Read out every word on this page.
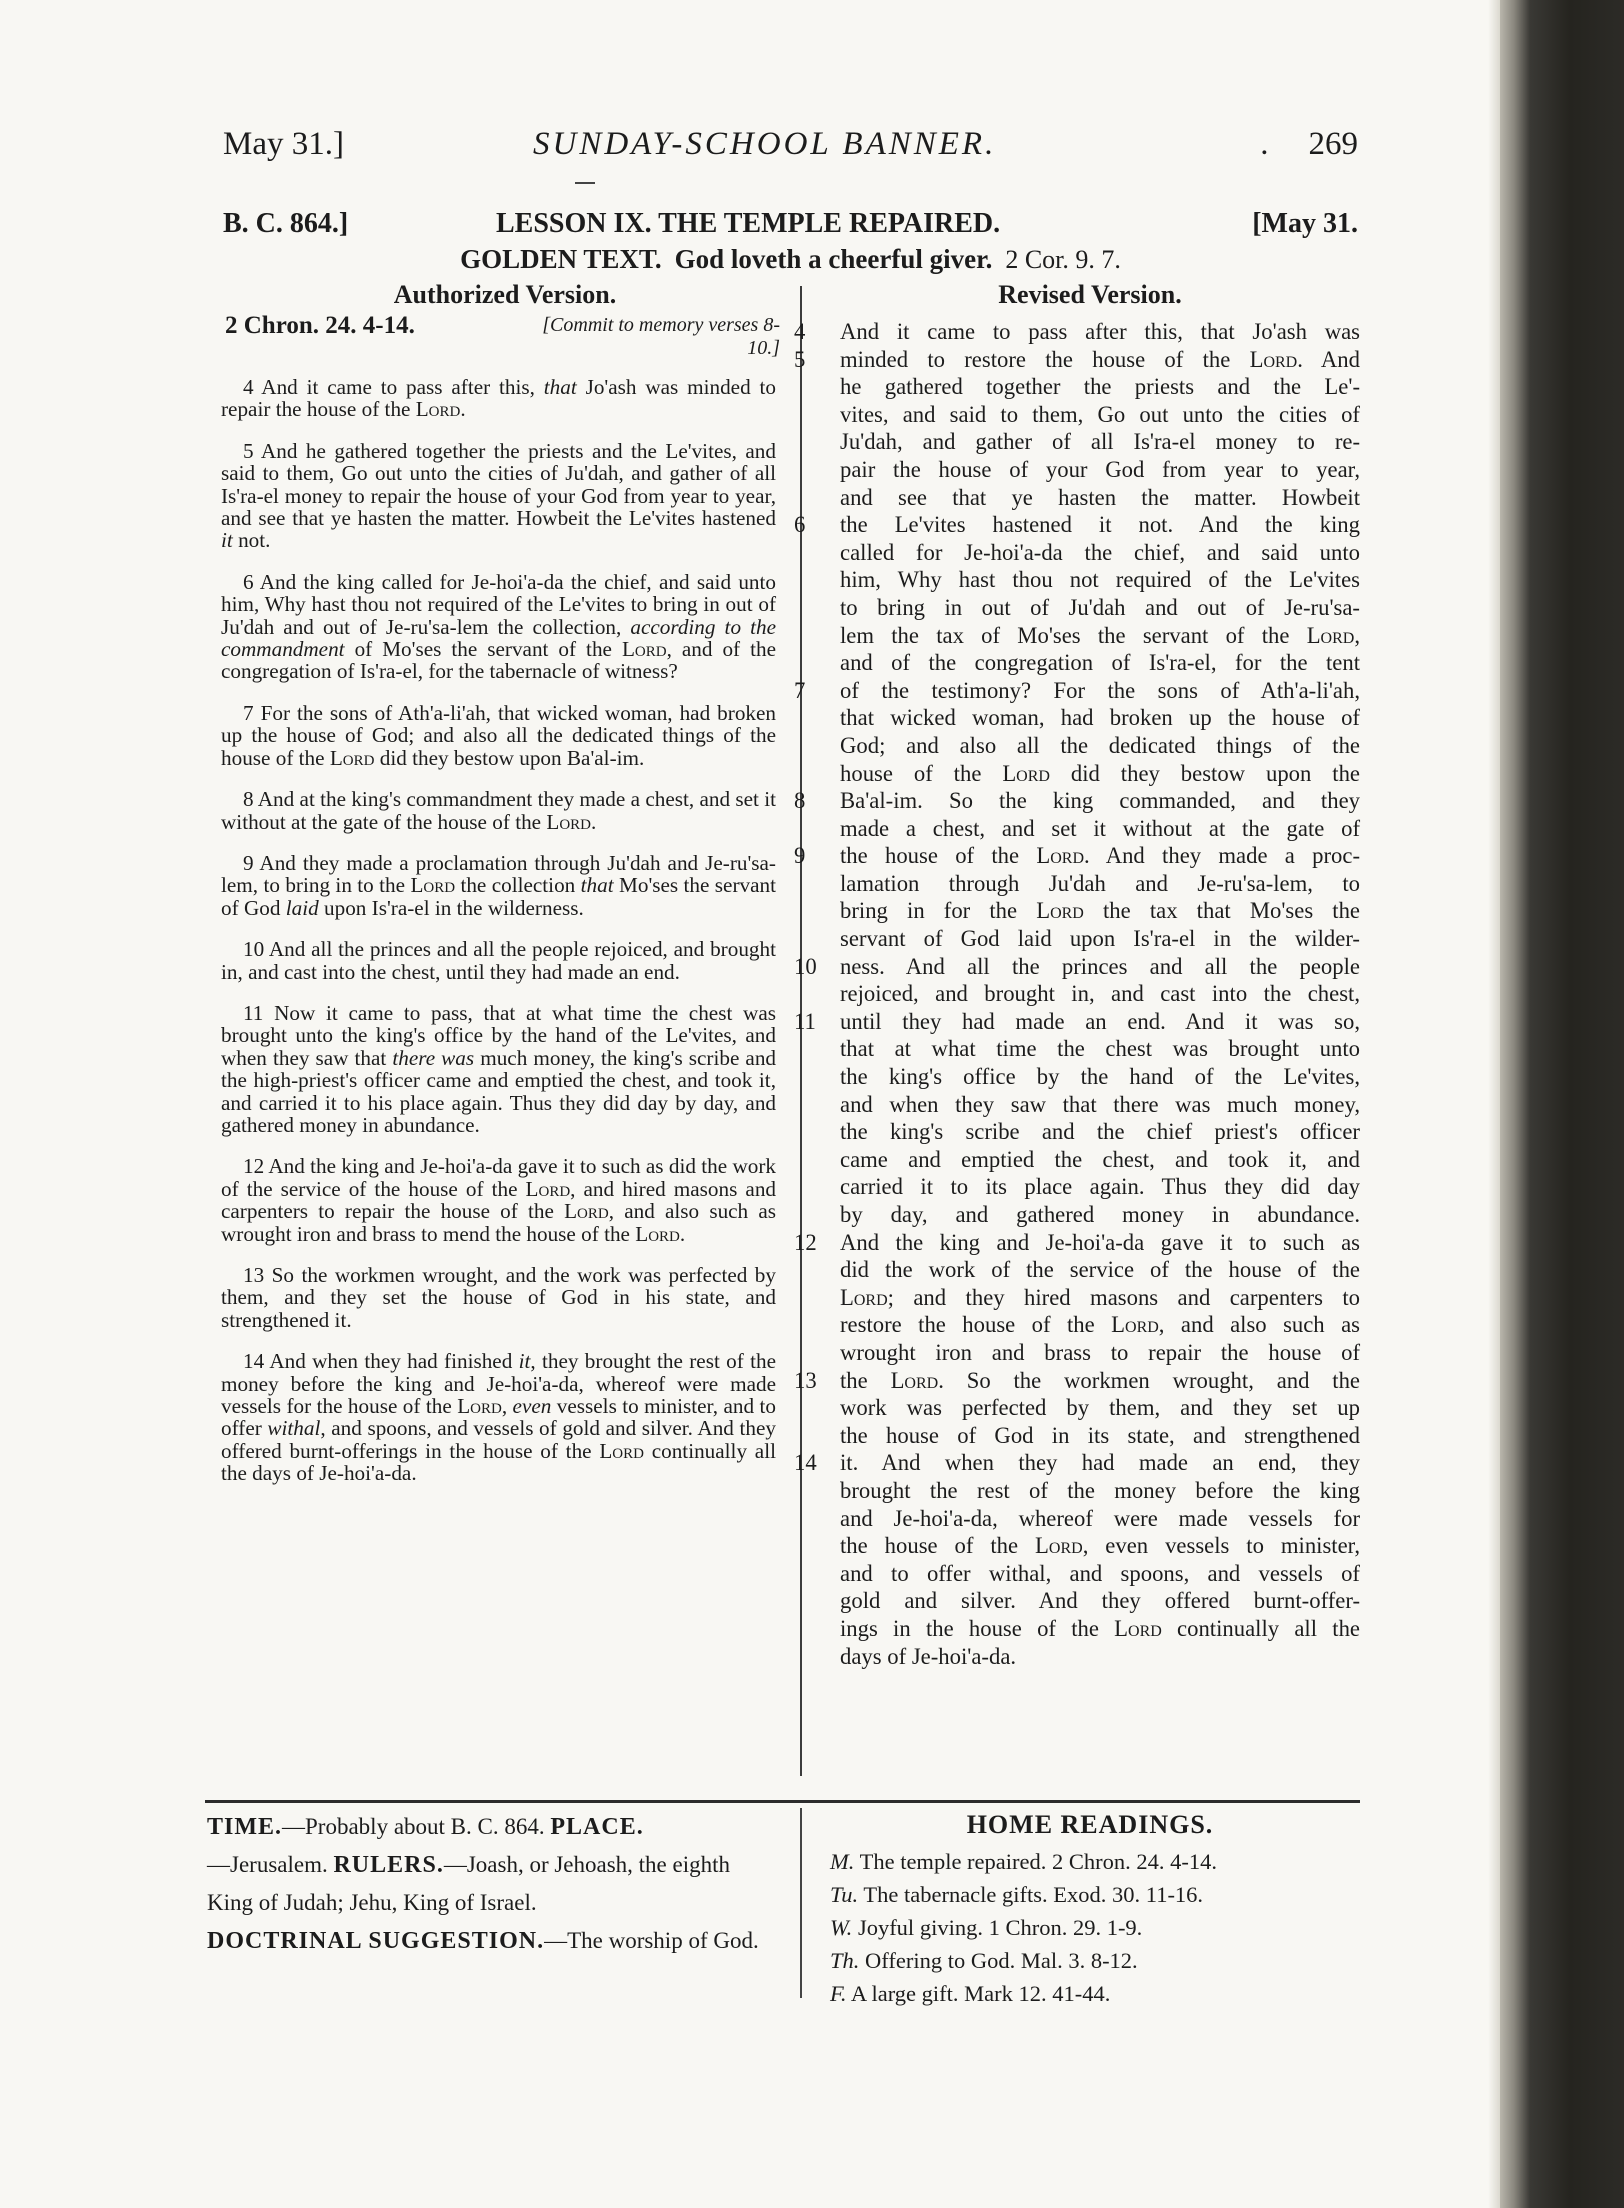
May 31.]	SUNDAY-SCHOOL BANNER.	. 269
B. C. 864.]	LESSON IX. THE TEMPLE REPAIRED.	[May 31.
GOLDEN TEXT. God loveth a cheerful giver. 2 Cor. 9. 7.
Authorized Version.
2 Chron. 24. 4-14.	[Commit to memory verses 8-10.]

4 And it came to pass after this, that Jo'ash was minded to repair the house of the Lord.

5 And he gathered together the priests and the Le'vites, and said to them, Go out unto the cities of Ju'dah, and gather of all Is'ra-el money to repair the house of your God from year to year, and see that ye hasten the matter. Howbeit the Le'vites hastened it not.

6 And the king called for Je-hoi'a-da the chief, and said unto him, Why hast thou not required of the Le'vites to bring in out of Ju'dah and out of Je-ru'sa-lem the collection, according to the commandment of Mo'ses the servant of the Lord, and of the congregation of Is'ra-el, for the tabernacle of witness?

7 For the sons of Ath'a-li'ah, that wicked woman, had broken up the house of God; and also all the dedicated things of the house of the Lord did they bestow upon Ba'al-im.

8 And at the king's commandment they made a chest, and set it without at the gate of the house of the Lord.

9 And they made a proclamation through Ju'dah and Je-ru'sa-lem, to bring in to the Lord the collection that Mo'ses the servant of God laid upon Is'ra-el in the wilderness.

10 And all the princes and all the people rejoiced, and brought in, and cast into the chest, until they had made an end.

11 Now it came to pass, that at what time the chest was brought unto the king's office by the hand of the Le'vites, and when they saw that there was much money, the king's scribe and the high-priest's officer came and emptied the chest, and took it, and carried it to his place again. Thus they did day by day, and gathered money in abundance.

12 And the king and Je-hoi'a-da gave it to such as did the work of the service of the house of the Lord, and hired masons and carpenters to repair the house of the Lord, and also such as wrought iron and brass to mend the house of the Lord.

13 So the workmen wrought, and the work was perfected by them, and they set the house of God in his state, and strengthened it.

14 And when they had finished it, they brought the rest of the money before the king and Je-hoi'a-da, whereof were made vessels for the house of the Lord, even vessels to minister, and to offer withal, and spoons, and vessels of gold and silver. And they offered burnt-offerings in the house of the Lord continually all the days of Je-hoi'a-da.

Revised Version.
4	And it came to pass after this, that Jo'ash was
5	minded to restore the house of the Lord. And
he gathered together the priests and the Le'-
vites, and said to them, Go out unto the cities of
Ju'dah, and gather of all Is'ra-el money to re-
pair the house of your God from year to year,
and see that ye hasten the matter. Howbeit
6	the Le'vites hastened it not. And the king
called for Je-hoi'a-da the chief, and said unto
him, Why hast thou not required of the Le'vites
to bring in out of Ju'dah and out of Je-ru'sa-
lem the tax of Mo'ses the servant of the Lord,
and of the congregation of Is'ra-el, for the tent
7	of the testimony? For the sons of Ath'a-li'ah,
that wicked woman, had broken up the house of
God; and also all the dedicated things of the
house of the Lord did they bestow upon the
8	Ba'al-im. So the king commanded, and they
made a chest, and set it without at the gate of
9	the house of the Lord. And they made a proc-
lamation through Ju'dah and Je-ru'sa-lem, to
bring in for the Lord the tax that Mo'ses the
servant of God laid upon Is'ra-el in the wilder-
10	ness. And all the princes and all the people
rejoiced, and brought in, and cast into the chest,
11	until they had made an end. And it was so,
that at what time the chest was brought unto
the king's office by the hand of the Le'vites,
and when they saw that there was much money,
the king's scribe and the chief priest's officer
came and emptied the chest, and took it, and
carried it to its place again. Thus they did day
by day, and gathered money in abundance.
12	And the king and Je-hoi'a-da gave it to such as
did the work of the service of the house of the
Lord; and they hired masons and carpenters to
restore the house of the Lord, and also such as
wrought iron and brass to repair the house of
13	the Lord. So the workmen wrought, and the
work was perfected by them, and they set up
the house of God in its state, and strengthened
14	it. And when they had made an end, they
brought the rest of the money before the king
and Je-hoi'a-da, whereof were made vessels for
the house of the Lord, even vessels to minister,
and to offer withal, and spoons, and vessels of
gold and silver. And they offered burnt-offer-
ings in the house of the Lord continually all the
days of Je-hoi'a-da.
TIME.—Probably about B. C. 864. PLACE.
—Jerusalem. RULERS.—Joash, or Jehoash, the eighth King of Judah; Jehu, King of Israel.
DOCTRINAL SUGGESTION.—The worship of God.
HOME READINGS.
M. The temple repaired. 2 Chron. 24. 4-14.
Tu. The tabernacle gifts. Exod. 30. 11-16.
W. Joyful giving. 1 Chron. 29. 1-9.
Th. Offering to God. Mal. 3. 8-12.
F. A large gift. Mark 12. 41-44.
